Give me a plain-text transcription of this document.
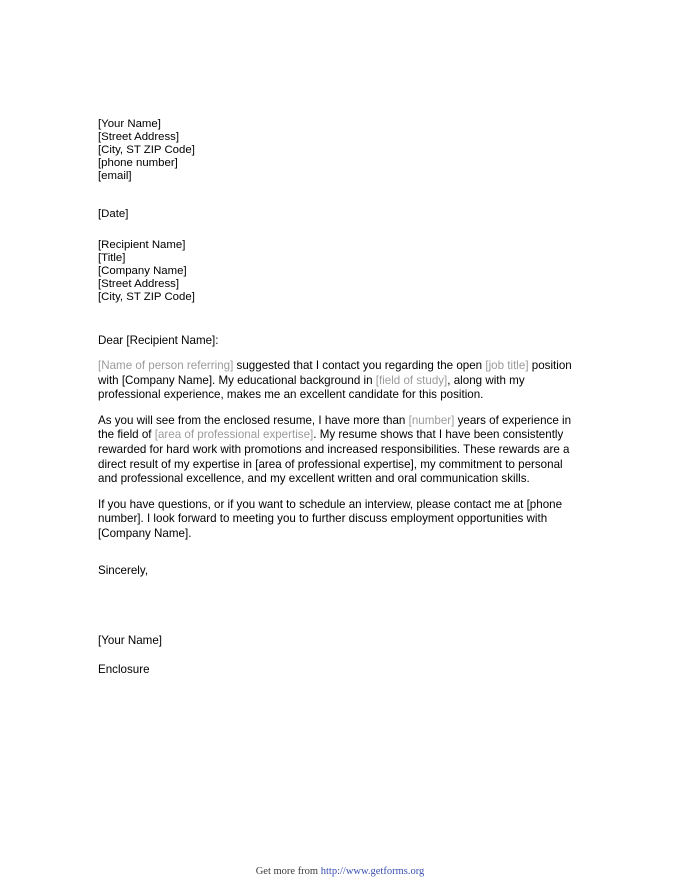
[Your Name]
[Street Address]
[City, ST ZIP Code]
[phone number]
[email]
[Date]
[Recipient Name]
[Title]
[Company Name]
[Street Address]
[City, ST ZIP Code]
Dear [Recipient Name]:
[Name of person referring] suggested that I contact you regarding the open [job title] position with [Company Name]. My educational background in [field of study], along with my professional experience, makes me an excellent candidate for this position.
As you will see from the enclosed resume, I have more than [number] years of experience in the field of [area of professional expertise]. My resume shows that I have been consistently rewarded for hard work with promotions and increased responsibilities. These rewards are a direct result of my expertise in [area of professional expertise], my commitment to personal and professional excellence, and my excellent written and oral communication skills.
If you have questions, or if you want to schedule an interview, please contact me at [phone number]. I look forward to meeting you to further discuss employment opportunities with [Company Name].
Sincerely,
[Your Name]
Enclosure
Get more from http://www.getforms.org
